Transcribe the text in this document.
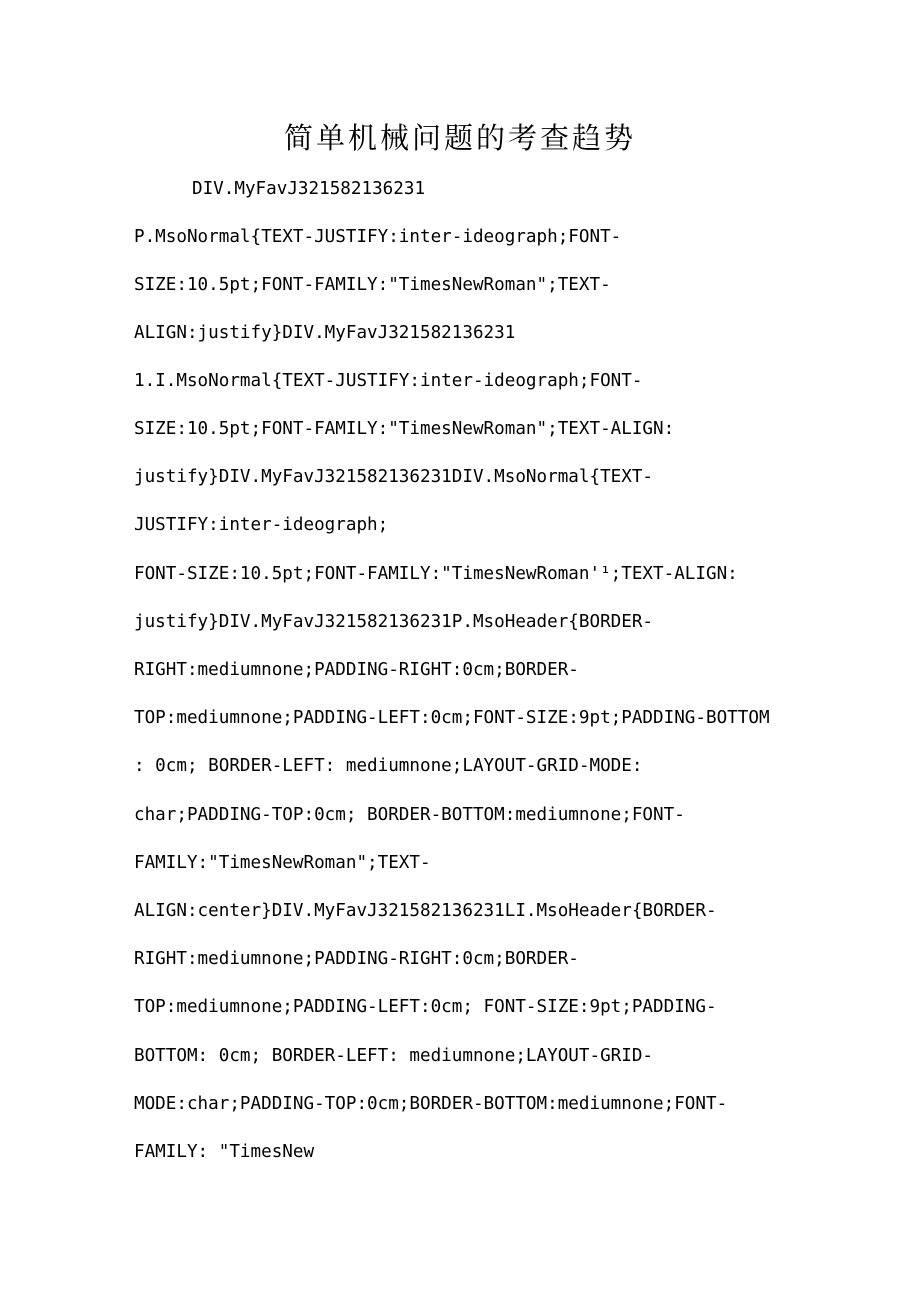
简单机械问题的考查趋势

DIV.MyFavJ321582136231

P.MsoNormal{TEXT-JUSTIFY:inter-ideograph;FONT-

SIZE:10.5pt;FONT-FAMILY:"TimesNewRoman";TEXT-

ALIGN:justify}DIV.MyFavJ321582136231

1.I.MsoNormal{TEXT-JUSTIFY:inter-ideograph;FONT-

SIZE:10.5pt;FONT-FAMILY:"TimesNewRoman";TEXT-ALIGN:

justify}DIV.MyFavJ321582136231DIV.MsoNormal{TEXT-

JUSTIFY:inter-ideograph;

FONT-SIZE:10.5pt;FONT-FAMILY:"TimesNewRoman'¹;TEXT-ALIGN:

justify}DIV.MyFavJ321582136231P.MsoHeader{BORDER-

RIGHT:mediumnone;PADDING-RIGHT:0cm;BORDER-

TOP:mediumnone;PADDING-LEFT:0cm;FONT-SIZE:9pt;PADDING-BOTTOM

: 0cm; BORDER-LEFT: mediumnone;LAYOUT-GRID-MODE:

char;PADDING-TOP:0cm; BORDER-BOTTOM:mediumnone;FONT-

FAMILY:"TimesNewRoman";TEXT-

ALIGN:center}DIV.MyFavJ321582136231LI.MsoHeader{BORDER-

RIGHT:mediumnone;PADDING-RIGHT:0cm;BORDER-

TOP:mediumnone;PADDING-LEFT:0cm; FONT-SIZE:9pt;PADDING-

BOTTOM: 0cm; BORDER-LEFT: mediumnone;LAYOUT-GRID-

MODE:char;PADDING-TOP:0cm;BORDER-BOTTOM:mediumnone;FONT-

FAMILY: "TimesNew
